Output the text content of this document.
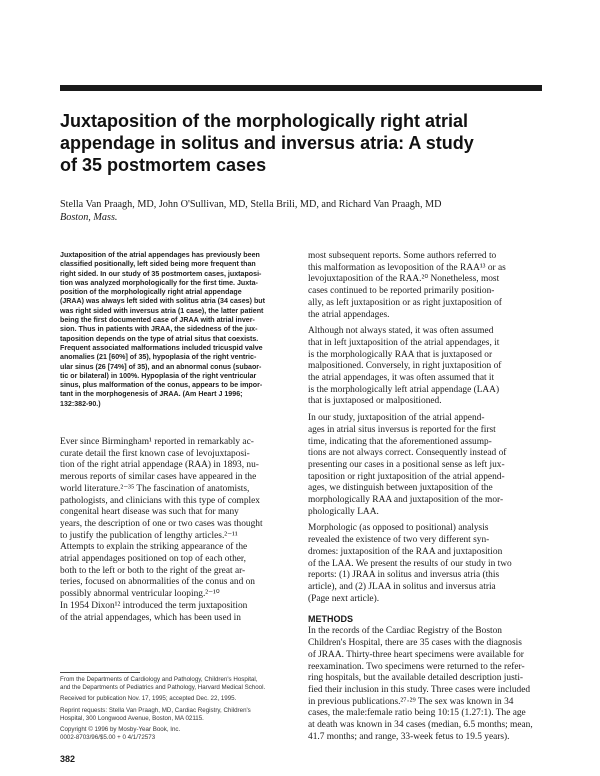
Juxtaposition of the morphologically right atrial
appendage in solitus and inversus atria: A study
of 35 postmortem cases
Stella Van Praagh, MD, John O'Sullivan, MD, Stella Brili, MD, and Richard Van Praagh, MD
Boston, Mass.
Juxtaposition of the atrial appendages has previously been
classified positionally, left sided being more frequent than
right sided. In our study of 35 postmortem cases, juxtaposi-
tion was analyzed morphologically for the first time. Juxta-
position of the morphologically right atrial appendage
(JRAA) was always left sided with solitus atria (34 cases) but
was right sided with inversus atria (1 case), the latter patient
being the first documented case of JRAA with atrial inver-
sion. Thus in patients with JRAA, the sidedness of the jux-
taposition depends on the type of atrial situs that coexists.
Frequent associated malformations included tricuspid valve
anomalies (21 [60%] of 35), hypoplasia of the right ventric-
ular sinus (26 [74%] of 35), and an abnormal conus (subaor-
tic or bilateral) in 100%. Hypoplasia of the right ventricular
sinus, plus malformation of the conus, appears to be impor-
tant in the morphogenesis of JRAA. (Am Heart J 1996;
132:382-90.)
Ever since Birmingham¹ reported in remarkably ac-
curate detail the first known case of levojuxtaposi-
tion of the right atrial appendage (RAA) in 1893, nu-
merous reports of similar cases have appeared in the
world literature.²⁻³⁵ The fascination of anatomists,
pathologists, and clinicians with this type of complex
congenital heart disease was such that for many
years, the description of one or two cases was thought
to justify the publication of lengthy articles.²⁻¹¹
Attempts to explain the striking appearance of the
atrial appendages positioned on top of each other,
both to the left or both to the right of the great ar-
teries, focused on abnormalities of the conus and on
possibly abnormal ventricular looping.²⁻¹⁰
In 1954 Dixon¹² introduced the term juxtaposition
of the atrial appendages, which has been used in
most subsequent reports. Some authors referred to
this malformation as levoposition of the RAA¹³ or as
levojuxtaposition of the RAA.²⁰ Nonetheless, most
cases continued to be reported primarily position-
ally, as left juxtaposition or as right juxtaposition of
the atrial appendages.
Although not always stated, it was often assumed
that in left juxtaposition of the atrial appendages, it
is the morphologically RAA that is juxtaposed or
malpositioned. Conversely, in right juxtaposition of
the atrial appendages, it was often assumed that it
is the morphologically left atrial appendage (LAA)
that is juxtaposed or malpositioned.
In our study, juxtaposition of the atrial append-
ages in atrial situs inversus is reported for the first
time, indicating that the aforementioned assump-
tions are not always correct. Consequently instead of
presenting our cases in a positional sense as left jux-
taposition or right juxtaposition of the atrial append-
ages, we distinguish between juxtaposition of the
morphologically RAA and juxtaposition of the mor-
phologically LAA.
Morphologic (as opposed to positional) analysis
revealed the existence of two very different syn-
dromes: juxtaposition of the RAA and juxtaposition
of the LAA. We present the results of our study in two
reports: (1) JRAA in solitus and inversus atria (this
article), and (2) JLAA in solitus and inversus atria
(Page next article).
METHODS
In the records of the Cardiac Registry of the Boston
Children's Hospital, there are 35 cases with the diagnosis
of JRAA. Thirty-three heart specimens were available for
reexamination. Two specimens were returned to the refer-
ring hospitals, but the available detailed description justi-
fied their inclusion in this study. Three cases were included
in previous publications.²⁷·²⁹ The sex was known in 34
cases, the male:female ratio being 10:15 (1.27:1). The age
at death was known in 34 cases (median, 6.5 months; mean,
41.7 months; and range, 33-week fetus to 19.5 years).
From the Departments of Cardiology and Pathology, Children's Hospital,
and the Departments of Pediatrics and Pathology, Harvard Medical School.
Received for publication Nov. 17, 1995; accepted Dec. 22, 1995.
Reprint requests: Stella Van Praagh, MD, Cardiac Registry, Children's
Hospital, 300 Longwood Avenue, Boston, MA 02115.
Copyright © 1996 by Mosby-Year Book, Inc.
0002-8703/96/$5.00 + 0 4/1/72573
382
